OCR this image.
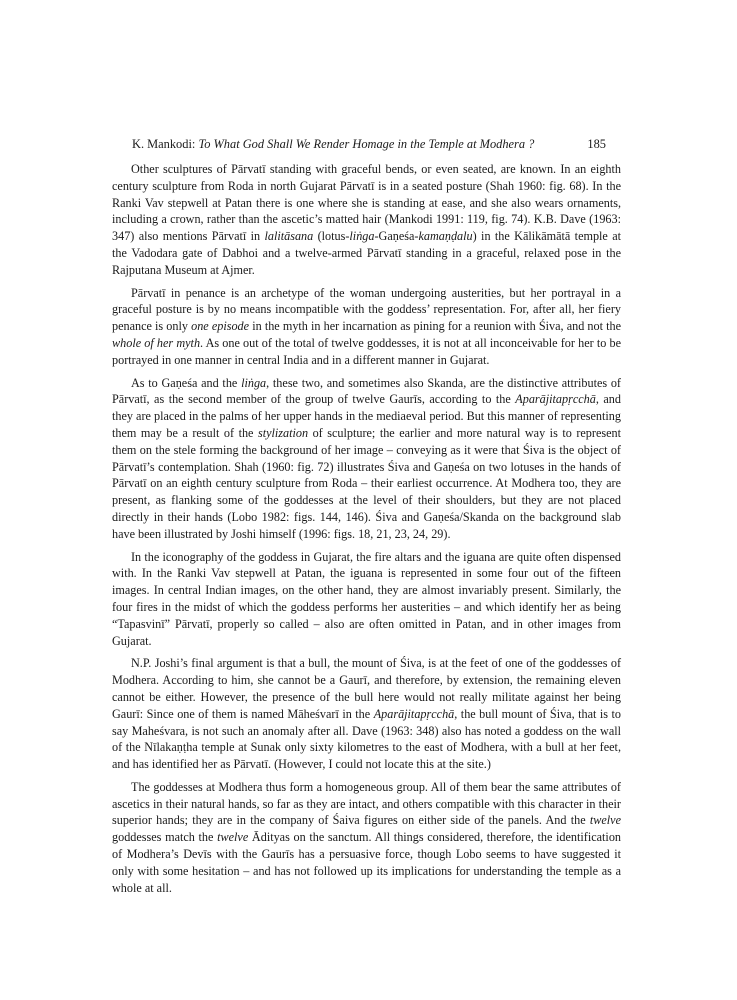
K. Mankodi: To What God Shall We Render Homage in the Temple at Modhera ?	185

Other sculptures of Pārvatī standing with graceful bends, or even seated, are known. In an eighth century sculpture from Roda in north Gujarat Pārvatī is in a seated posture (Shah 1960: fig. 68). In the Ranki Vav stepwell at Patan there is one where she is standing at ease, and she also wears ornaments, including a crown, rather than the ascetic’s matted hair (Mankodi 1991: 119, fig. 74). K.B. Dave (1963: 347) also mentions Pārvatī in lalitāsana (lotus-liṅga-Gaṇeśa-kamaṇḍalu) in the Kālikāmātā temple at the Vadodara gate of Dabhoi and a twelve-armed Pārvatī standing in a graceful, relaxed pose in the Rajputana Museum at Ajmer.

Pārvatī in penance is an archetype of the woman undergoing austerities, but her portrayal in a graceful posture is by no means incompatible with the goddess’ representation. For, after all, her fiery penance is only one episode in the myth in her incarnation as pining for a reunion with Śiva, and not the whole of her myth. As one out of the total of twelve goddesses, it is not at all inconceivable for her to be portrayed in one manner in central India and in a different manner in Gujarat.

As to Gaṇeśa and the liṅga, these two, and sometimes also Skanda, are the distinctive attributes of Pārvatī, as the second member of the group of twelve Gaurīs, according to the Aparājitapṛcchā, and they are placed in the palms of her upper hands in the mediaeval period. But this manner of representing them may be a result of the stylization of sculpture; the earlier and more natural way is to represent them on the stele forming the background of her image – conveying as it were that Śiva is the object of Pārvatī’s contemplation. Shah (1960: fig. 72) illustrates Śiva and Gaṇeśa on two lotuses in the hands of Pārvatī on an eighth century sculpture from Roda – their earliest occurrence. At Modhera too, they are present, as flanking some of the goddesses at the level of their shoulders, but they are not placed directly in their hands (Lobo 1982: figs. 144, 146). Śiva and Gaṇeśa/Skanda on the background slab have been illustrated by Joshi himself (1996: figs. 18, 21, 23, 24, 29).

In the iconography of the goddess in Gujarat, the fire altars and the iguana are quite often dispensed with. In the Ranki Vav stepwell at Patan, the iguana is represented in some four out of the fifteen images. In central Indian images, on the other hand, they are almost invariably present. Similarly, the four fires in the midst of which the goddess performs her austerities – and which identify her as being “Tapasvinī” Pārvatī, properly so called – also are often omitted in Patan, and in other images from Gujarat.

N.P. Joshi’s final argument is that a bull, the mount of Śiva, is at the feet of one of the goddesses of Modhera. According to him, she cannot be a Gaurī, and therefore, by extension, the remaining eleven cannot be either. However, the presence of the bull here would not really militate against her being Gaurī: Since one of them is named Māheśvarī in the Aparājitapṛcchā, the bull mount of Śiva, that is to say Maheśvara, is not such an anomaly after all. Dave (1963: 348) also has noted a goddess on the wall of the Nīlakaṇṭha temple at Sunak only sixty kilometres to the east of Modhera, with a bull at her feet, and has identified her as Pārvatī. (However, I could not locate this at the site.)

The goddesses at Modhera thus form a homogeneous group. All of them bear the same attributes of ascetics in their natural hands, so far as they are intact, and others compatible with this character in their superior hands; they are in the company of Śaiva figures on either side of the panels. And the twelve goddesses match the twelve Ādityas on the sanctum. All things considered, therefore, the identification of Modhera’s Devīs with the Gaurīs has a persuasive force, though Lobo seems to have suggested it only with some hesitation – and has not followed up its implications for understanding the temple as a whole at all.
